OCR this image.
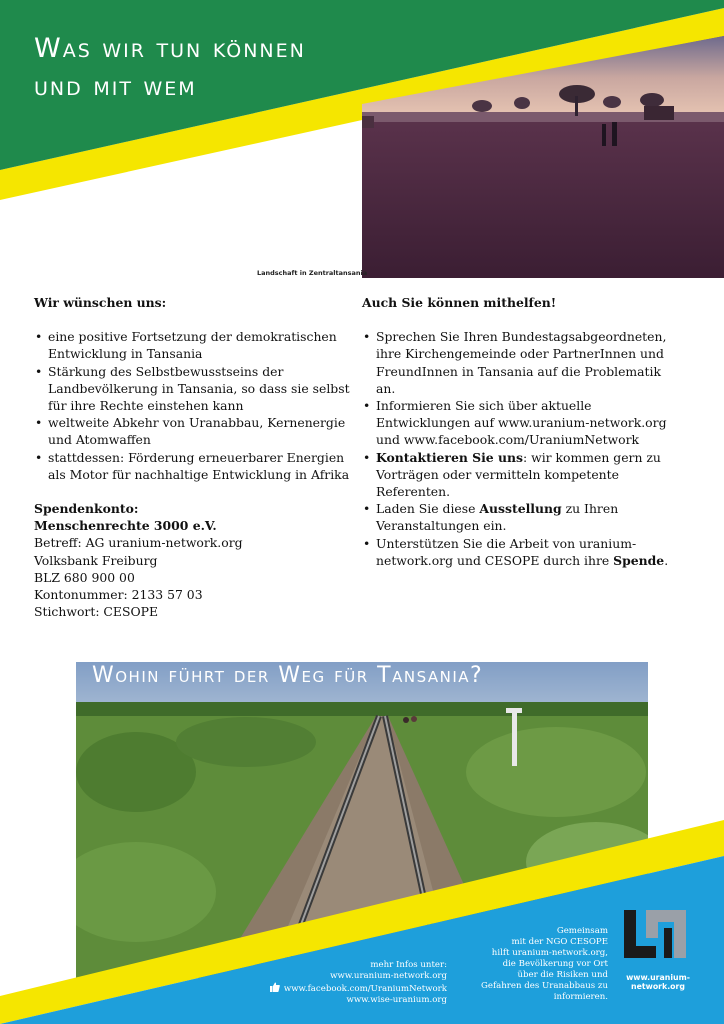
Was wir tun können
und mit wem
Landschaft in Zentraltansania
Wir wünschen uns:
• eine positive Fortsetzung der demokratischen Entwicklung in Tansania
• Stärkung des Selbstbewusstseins der Landbevölkerung in Tansania, so dass sie selbst für ihre Rechte einstehen kann
• weltweite Abkehr von Uranabbau, Kernenergie und Atomwaffen
• stattdessen: Förderung erneuerbarer Energien als Motor für nachhaltige Entwicklung in Afrika
Spendenkonto:
Menschenrechte 3000 e.V.
Betreff: AG uranium-network.org
Volksbank Freiburg
BLZ 680 900 00
Kontonummer: 2133 57 03
Stichwort: CESOPE
Auch Sie können mithelfen!
• Sprechen Sie Ihren Bundestagsabgeordneten, ihre Kirchengemeinde oder PartnerInnen und FreundInnen in Tansania auf die Problematik an.
• Informieren Sie sich über aktuelle Entwicklungen auf www.uranium-network.org und www.facebook.com/UraniumNetwork
• Kontaktieren Sie uns: wir kommen gern zu Vorträgen oder vermitteln kompetente Referenten.
• Laden Sie diese Ausstellung zu Ihren Veranstaltungen ein.
• Unterstützen Sie die Arbeit von uranium-network.org und CESOPE durch ihre Spende.
Wohin führt der Weg für Tansania?
mehr Infos unter:
www.uranium-network.org
www.facebook.com/UraniumNetwork
www.wise-uranium.org
Gemeinsam
mit der NGO CESOPE
hilft uranium-network.org,
die Bevölkerung vor Ort
über die Risiken und
Gefahren des Uranabbaus zu
informieren.
www.uranium-
network.org
